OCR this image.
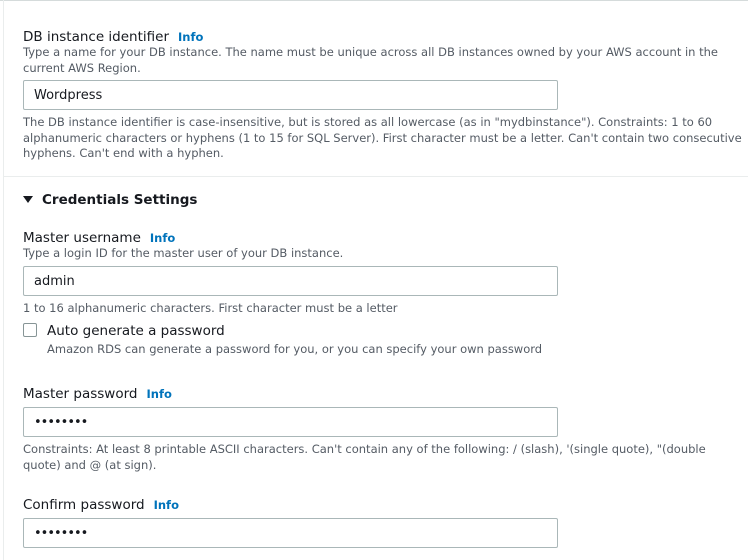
DB instance identifier Info
Type a name for your DB instance. The name must be unique across all DB instances owned by your AWS account in the current AWS Region.
Wordpress
The DB instance identifier is case-insensitive, but is stored as all lowercase (as in "mydbinstance"). Constraints: 1 to 60 alphanumeric characters or hyphens (1 to 15 for SQL Server). First character must be a letter. Can't contain two consecutive hyphens. Can't end with a hyphen.
Credentials Settings
Master username Info
Type a login ID for the master user of your DB instance.
admin
1 to 16 alphanumeric characters. First character must be a letter
Auto generate a password
Amazon RDS can generate a password for you, or you can specify your own password
Master password Info
••••••••
Constraints: At least 8 printable ASCII characters. Can't contain any of the following: / (slash), '(single quote), "(double quote) and @ (at sign).
Confirm password Info
••••••••
